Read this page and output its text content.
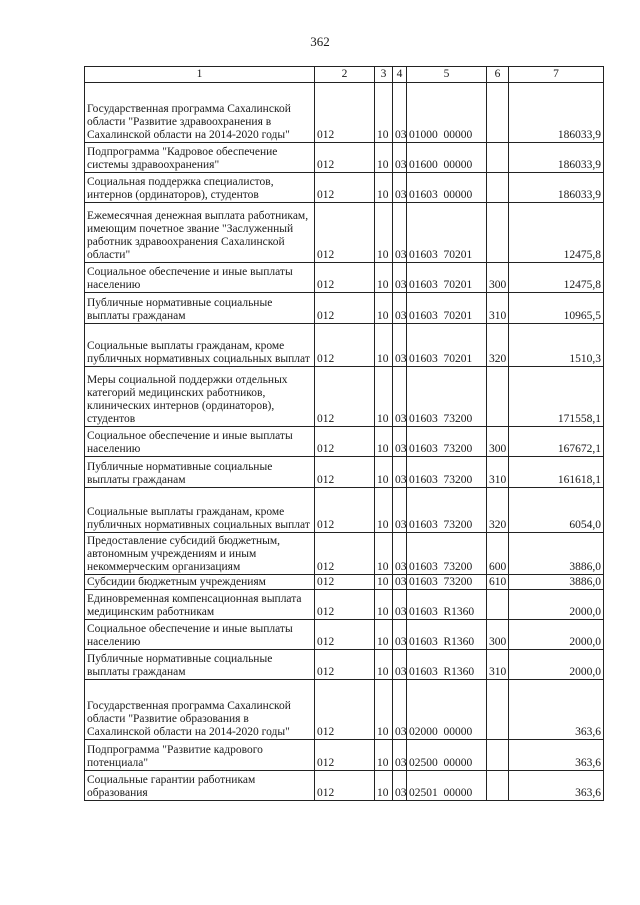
362
1	2	3	4	5	6	7
Государственная программа Сахалинской области "Развитие здравоохранения в Сахалинской области на 2014-2020 годы"	012	10	03	01000  00000		186033,9
Подпрограмма "Кадровое обеспечение системы здравоохранения"	012	10	03	01600  00000		186033,9
Социальная поддержка специалистов, интернов (ординаторов), студентов	012	10	03	01603  00000		186033,9
Ежемесячная денежная выплата работникам, имеющим почетное звание "Заслуженный работник здравоохранения Сахалинской области"	012	10	03	01603  70201		12475,8
Социальное обеспечение и иные выплаты населению	012	10	03	01603  70201	300	12475,8
Публичные нормативные социальные выплаты гражданам	012	10	03	01603  70201	310	10965,5
Социальные выплаты гражданам, кроме публичных нормативных социальных выплат	012	10	03	01603  70201	320	1510,3
Меры социальной поддержки отдельных категорий медицинских работников, клинических интернов (ординаторов), студентов	012	10	03	01603  73200		171558,1
Социальное обеспечение и иные выплаты населению	012	10	03	01603  73200	300	167672,1
Публичные нормативные социальные выплаты гражданам	012	10	03	01603  73200	310	161618,1
Социальные выплаты гражданам, кроме публичных нормативных социальных выплат	012	10	03	01603  73200	320	6054,0
Предоставление субсидий бюджетным, автономным учреждениям и иным некоммерческим организациям	012	10	03	01603  73200	600	3886,0
Субсидии бюджетным учреждениям	012	10	03	01603  73200	610	3886,0
Единовременная компенсационная выплата медицинским работникам	012	10	03	01603  R1360		2000,0
Социальное обеспечение и иные выплаты населению	012	10	03	01603  R1360	300	2000,0
Публичные нормативные социальные выплаты гражданам	012	10	03	01603  R1360	310	2000,0
Государственная программа Сахалинской области "Развитие образования в Сахалинской области на 2014-2020 годы"	012	10	03	02000  00000		363,6
Подпрограмма "Развитие кадрового потенциала"	012	10	03	02500  00000		363,6
Социальные гарантии работникам образования	012	10	03	02501  00000		363,6
